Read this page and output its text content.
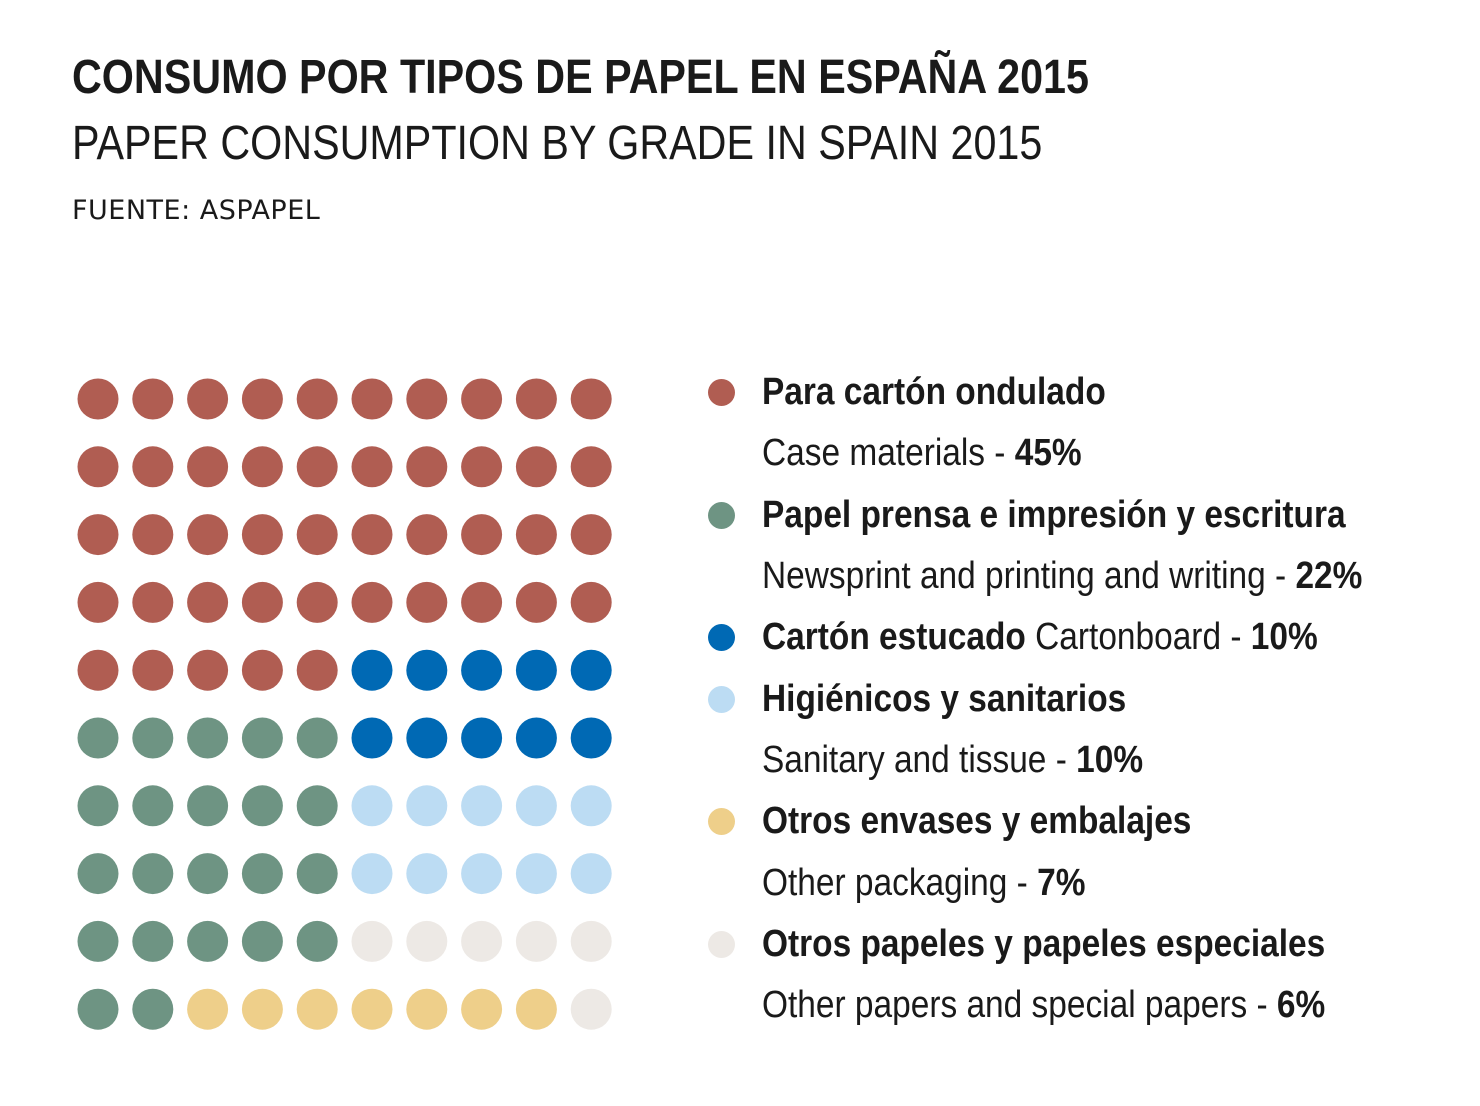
CONSUMO POR TIPOS DE PAPEL EN ESPAÑA 2015
PAPER CONSUMPTION BY GRADE IN SPAIN 2015
FUENTE: ASPAPEL
Para cartón ondulado
Case materials - 45%
Papel prensa e impresión y escritura
Newsprint and printing and writing - 22%
Cartón estucado Cartonboard - 10%
Higiénicos y sanitarios
Sanitary and tissue - 10%
Otros envases y embalajes
Other packaging - 7%
Otros papeles y papeles especiales
Other papers and special papers - 6%
